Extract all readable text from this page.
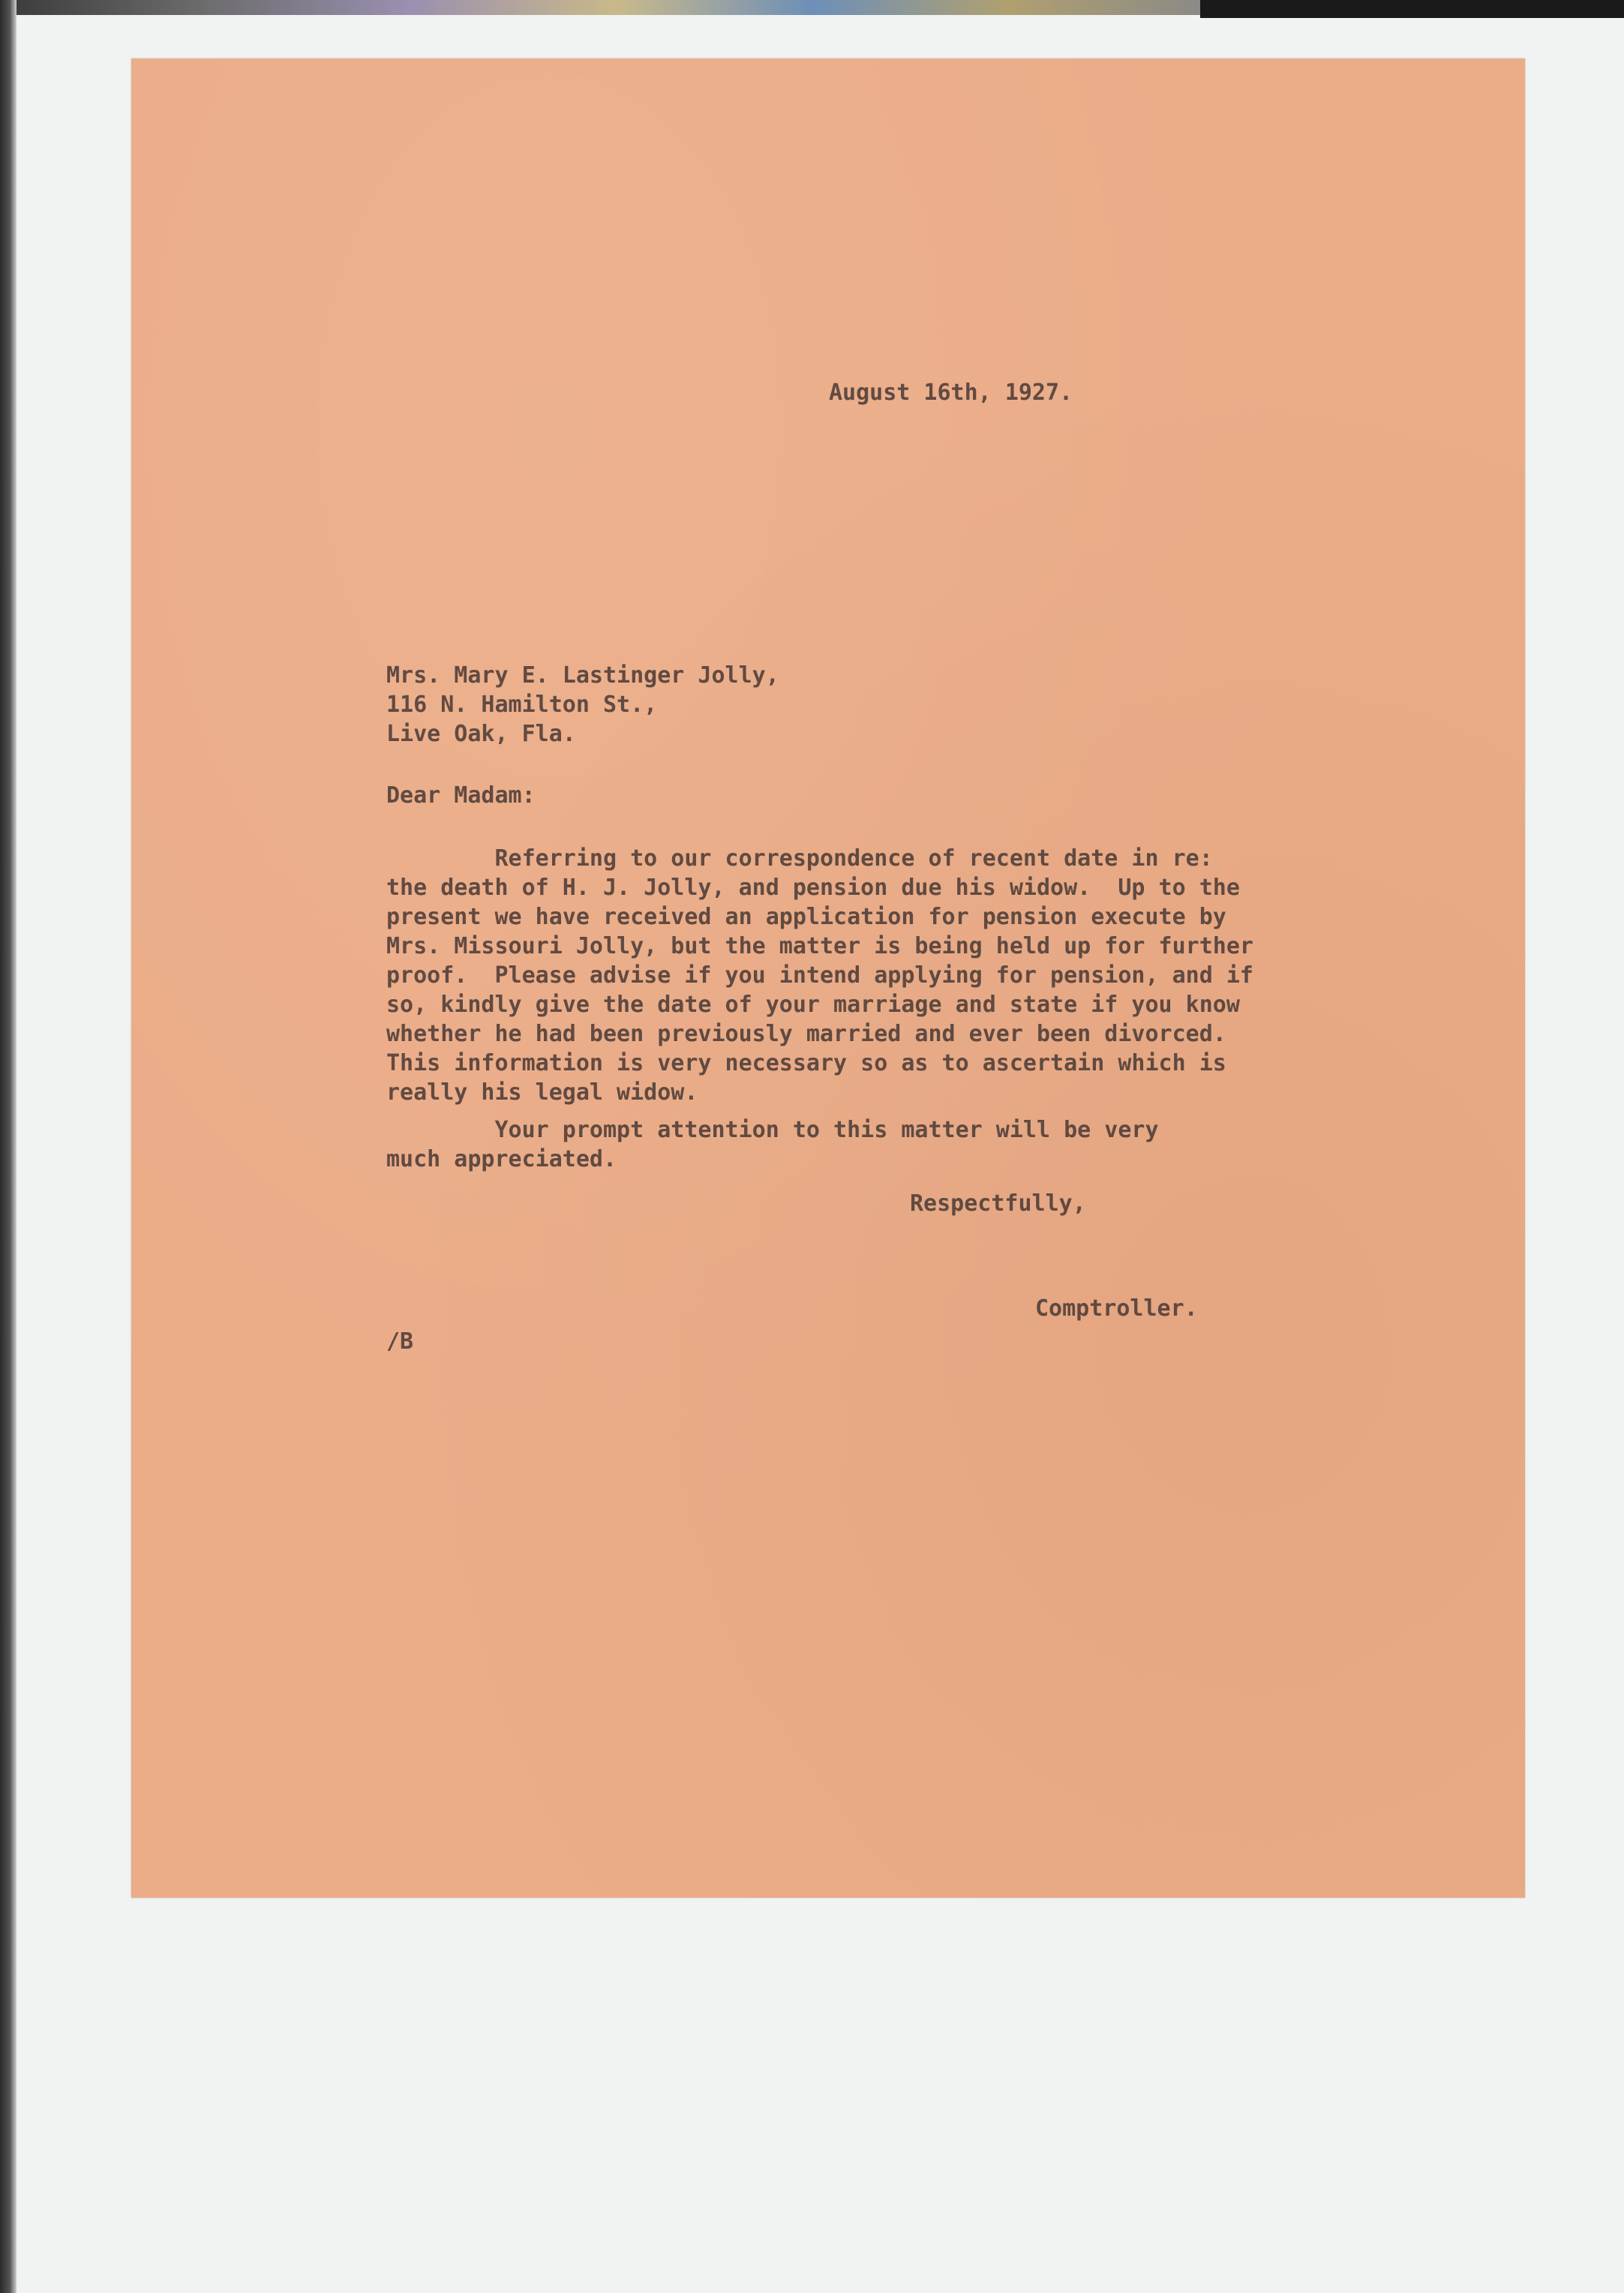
August 16th, 1927.
Mrs. Mary E. Lastinger Jolly,
116 N. Hamilton St.,
Live Oak, Fla.
Dear Madam:
Referring to our correspondence of recent date in re:
the death of H. J. Jolly, and pension due his widow.  Up to the
present we have received an application for pension execute by
Mrs. Missouri Jolly, but the matter is being held up for further
proof.  Please advise if you intend applying for pension, and if
so, kindly give the date of your marriage and state if you know
whether he had been previously married and ever been divorced.
This information is very necessary so as to ascertain which is
really his legal widow.
Your prompt attention to this matter will be very
much appreciated.
Respectfully,
Comptroller.
/B
